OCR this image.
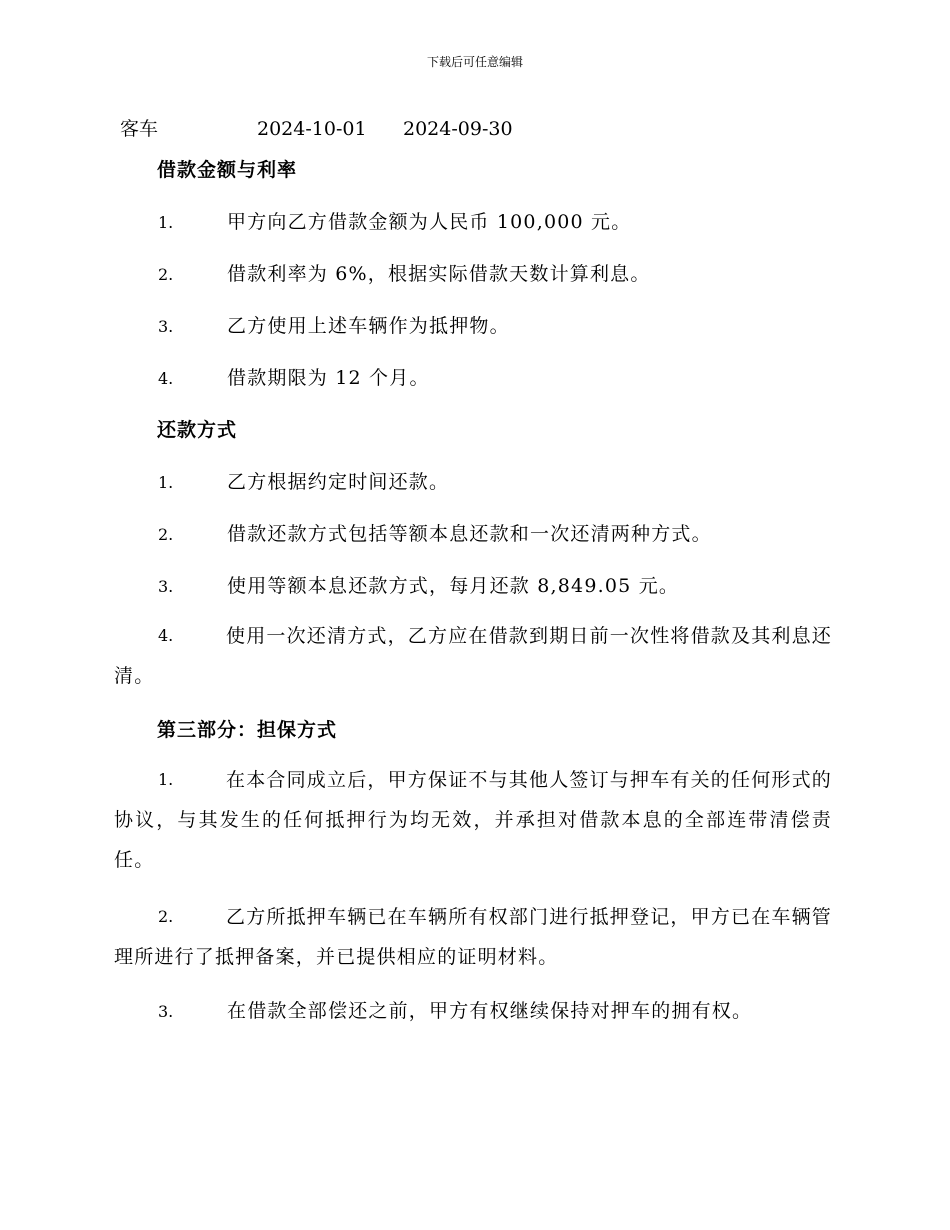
下载后可任意编辑
客车	2024-10-01 2024-09-30
借款金额与利率
1.	甲方向乙方借款金额为人民币 100,000 元。
2.	借款利率为 6%，根据实际借款天数计算利息。
3.	乙方使用上述车辆作为抵押物。
4.	借款期限为 12 个月。
还款方式
1.	乙方根据约定时间还款。
2.	借款还款方式包括等额本息还款和一次还清两种方式。
3.	使用等额本息还款方式，每月还款 8,849.05 元。
4.	使用一次还清方式，乙方应在借款到期日前一次性将借款及其利息还清。
第三部分：担保方式
1.	在本合同成立后，甲方保证不与其他人签订与押车有关的任何形式的协议，与其发生的任何抵押行为均无效，并承担对借款本息的全部连带清偿责任。
2.	乙方所抵押车辆已在车辆所有权部门进行抵押登记，甲方已在车辆管理所进行了抵押备案，并已提供相应的证明材料。
3.	在借款全部偿还之前，甲方有权继续保持对押车的拥有权。
